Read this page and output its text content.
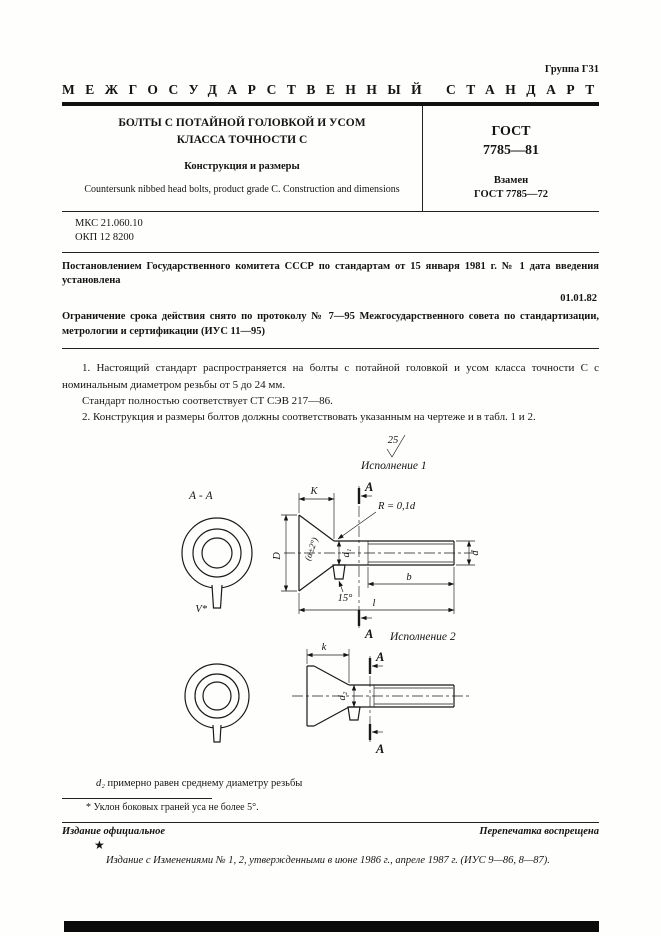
Группа Г31
МЕЖГОСУДАРСТВЕННЫЙ СТАНДАРТ
БОЛТЫ С ПОТАЙНОЙ ГОЛОВКОЙ И УСОМ
КЛАССА ТОЧНОСТИ С
Конструкция и размеры
Countersunk nibbed head bolts, product grade C. Construction and dimensions
ГОСТ
7785—81
Взамен
ГОСТ 7785—72
МКС 21.060.10
ОКП 12 8200
Постановлением Государственного комитета СССР по стандартам от 15 января 1981 г. № 1 дата введения установлена
01.01.82
Ограничение срока действия снято по протоколу № 7—95 Межгосударственного совета по стандартизации, метрологии и сертификации (ИУС 11—95)

1. Настоящий стандарт распространяется на болты с потайной головкой и усом класса точности С с номинальным диаметром резьбы от 5 до 24 мм.

Стандарт полностью соответствует СТ СЭВ 217—86.

2. Конструкция и размеры болтов должны соответствовать указанным на чертеже и в табл. 1 и 2.

25
Исполнение 1
А - А
V*
К	А
А
R = 0,1d
D	d₁
(α±2°)	d
b
l
15°
Исполнение 2
k
А
А
d₂
d₂ примерно равен среднему диаметру резьбы
* Уклон боковых граней уса не более 5°.
Издание официальное	Перепечатка воспрещена
★
Издание с Изменениями № 1, 2, утвержденными в июне 1986 г., апреле 1987 г. (ИУС 9—86, 8—87).
